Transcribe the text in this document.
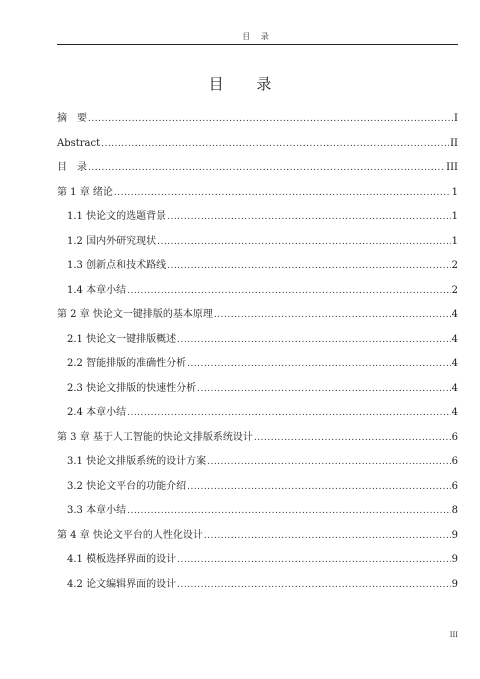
目 录
目 录
摘　要 .....	I
Abstract .....	II
目　录 .....	III
第 1 章 绪论 .....	1
1.1 快论文的选题背景 .....	1
1.2 国内外研究现状 .....	1
1.3 创新点和技术路线 .....	2
1.4 本章小结 .....	2
第 2 章 快论文一键排版的基本原理 .....	4
2.1 快论文一键排版概述 .....	4
2.2 智能排版的准确性分析 .....	4
2.3 快论文排版的快速性分析 .....	4
2.4 本章小结 .....	4
第 3 章 基于人工智能的快论文排版系统设计 .....	6
3.1 快论文排版系统的设计方案 .....	6
3.2 快论文平台的功能介绍 .....	6
3.3 本章小结 .....	8
第 4 章 快论文平台的人性化设计 .....	9
4.1 模板选择界面的设计 .....	9
4.2 论文编辑界面的设计 .....	9
III
